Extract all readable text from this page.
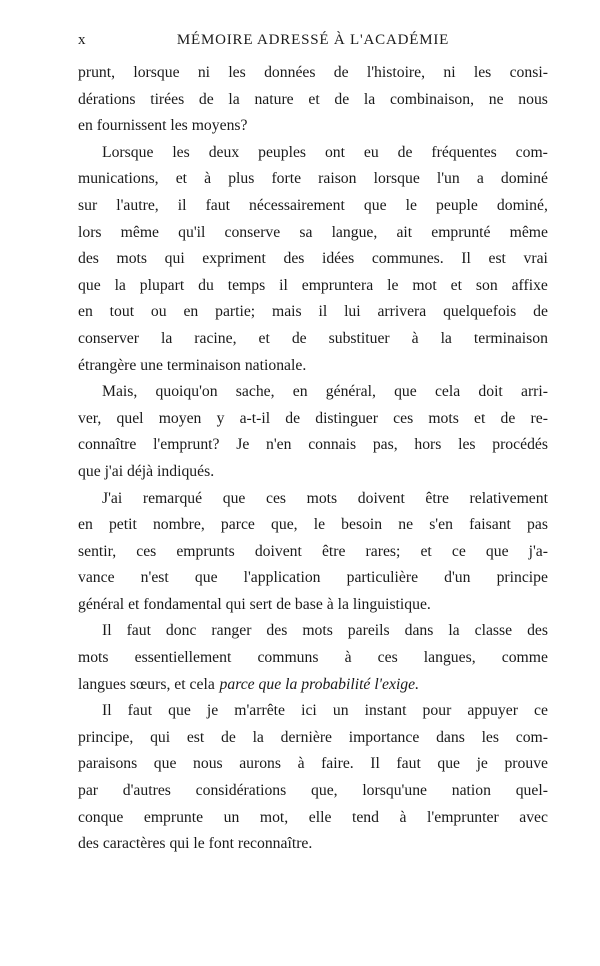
x	MÉMOIRE ADRESSÉ À L'ACADÉMIE
prunt, lorsque ni les données de l'histoire, ni les consi-
dérations tirées de la nature et de la combinaison, ne nous
en fournissent les moyens?
Lorsque les deux peuples ont eu de fréquentes com-
munications, et à plus forte raison lorsque l'un a dominé
sur l'autre, il faut nécessairement que le peuple dominé,
lors même qu'il conserve sa langue, ait emprunté même
des mots qui expriment des idées communes. Il est vrai
que la plupart du temps il empruntera le mot et son affixe
en tout ou en partie; mais il lui arrivera quelquefois de
conserver la racine, et de substituer à la terminaison
étrangère une terminaison nationale.
Mais, quoiqu'on sache, en général, que cela doit arri-
ver, quel moyen y a-t-il de distinguer ces mots et de re-
connaître l'emprunt? Je n'en connais pas, hors les procédés
que j'ai déjà indiqués.
J'ai remarqué que ces mots doivent être relativement
en petit nombre, parce que, le besoin ne s'en faisant pas
sentir, ces emprunts doivent être rares; et ce que j'a-
vance n'est que l'application particulière d'un principe
général et fondamental qui sert de base à la linguistique.
Il faut donc ranger des mots pareils dans la classe des
mots essentiellement communs à ces langues, comme
langues sœurs, et cela parce que la probabilité l'exige.
Il faut que je m'arrête ici un instant pour appuyer ce
principe, qui est de la dernière importance dans les com-
paraisons que nous aurons à faire. Il faut que je prouve
par d'autres considérations que, lorsqu'une nation quel-
conque emprunte un mot, elle tend à l'emprunter avec
des caractères qui le font reconnaître.
